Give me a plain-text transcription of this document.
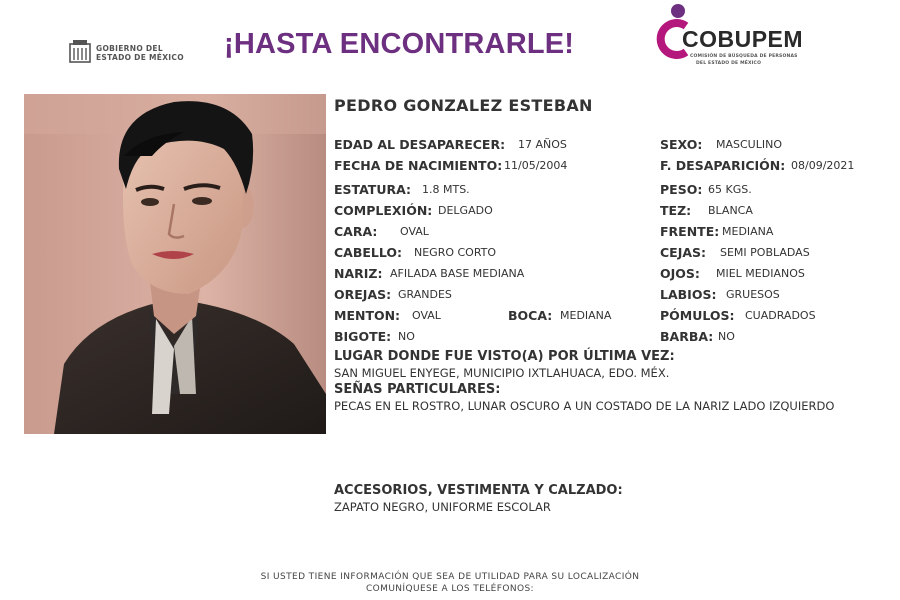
GOBIERNO DEL
ESTADO DE MÉXICO ¡HASTA ENCONTRARLE!	COBUPEM
COMISIÓN DE BÚSQUEDA DE PERSONAS
DEL ESTADO DE MÉXICO
PEDRO GONZALEZ ESTEBAN
EDAD AL DESAPARECER: 17 AÑOS
FECHA DE NACIMIENTO: 11/05/2004
ESTATURA: 1.8 MTS.
COMPLEXIÓN: DELGADO
CARA: OVAL
CABELLO: NEGRO CORTO
NARIZ: AFILADA BASE MEDIANA
OREJAS: GRANDES
MENTON: OVAL	BOCA: MEDIANA
BIGOTE: NO
SEXO: MASCULINO
F. DESAPARICIÓN: 08/09/2021
PESO: 65 KGS.
TEZ: BLANCA
FRENTE: MEDIANA
CEJAS: SEMI POBLADAS
OJOS: MIEL MEDIANOS
LABIOS: GRUESOS
PÓMULOS: CUADRADOS
BARBA: NO
LUGAR DONDE FUE VISTO(A) POR ÚLTIMA VEZ:
SAN MIGUEL ENYEGE, MUNICIPIO IXTLAHUACA, EDO. MÉX.
SEÑAS PARTICULARES:
PECAS EN EL ROSTRO, LUNAR OSCURO A UN COSTADO DE LA NARIZ LADO IZQUIERDO
ACCESORIOS, VESTIMENTA Y CALZADO:
ZAPATO NEGRO, UNIFORME ESCOLAR
SI USTED TIENE INFORMACIÓN QUE SEA DE UTILIDAD PARA SU LOCALIZACIÓN
COMUNÍQUESE A LOS TELÉFONOS:
